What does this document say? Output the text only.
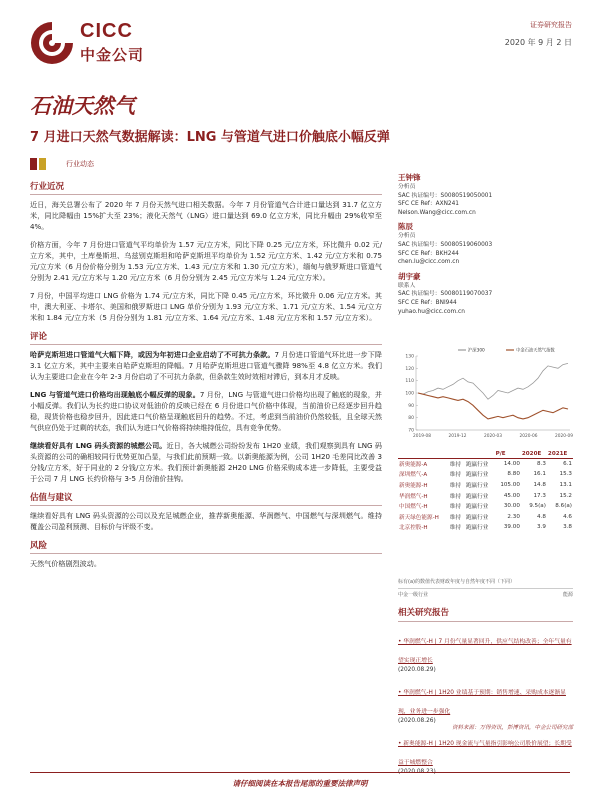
CICC
中金公司
证券研究报告
2020 年 9 月 2 日
石油天然气
7 月进口天然气数据解读：LNG 与管道气进口价触底小幅反弹
行业动态
行业近况

近日，海关总署公布了 2020 年 7 月份天然气进口相关数据。今年 7 月份管道气合计进口量达到 31.7 亿立方米，同比降幅由 15%扩大至 23%；液化天然气（LNG）进口量达到 69.0 亿立方米，同比升幅由 29%收窄至 4%。

价格方面，今年 7 月份进口管道气平均单价为 1.57 元/立方米，同比下降 0.25 元/立方米，环比微升 0.02 元/立方米，其中，土库曼斯坦、乌兹别克斯坦和哈萨克斯坦平均单价为 1.52 元/立方米、1.42 元/立方米和 0.75 元/立方米（6 月份价格分别为 1.53 元/立方米、1.43 元/立方米和 1.30 元/立方米），缅甸与俄罗斯进口管道气分别为 2.41 元/立方米与 1.20 元/立方米（6 月份分别为 2.45 元/立方米与 1.24 元/立方米）。

7 月份，中国平均进口 LNG 价格为 1.74 元/立方米，同比下降 0.45 元/立方米，环比微升 0.06 元/立方米。其中，澳大利亚、卡塔尔、美国和俄罗斯进口 LNG 单价分别为 1.93 元/立方米、1.71 元/立方米、1.54 元/立方米和 1.84 元/立方米（5 月份分别为 1.81 元/立方米、1.64 元/立方米、1.48 元/立方米和 1.57 元/立方米）。

评论

哈萨克斯坦进口管道气大幅下降，或因为年初进口企业启动了不可抗力条款。7 月份进口管道气环比进一步下降 3.1 亿立方米，其中主要来自哈萨克斯坦的降幅。7 月哈萨克斯坦进口管道气骤降 98%至 4.8 亿立方米。我们认为主要进口企业在今年 2-3 月份启动了不可抗力条款，但条款生效时效相对滞后，到本月才反映。

LNG 与管道气进口价格均出现触底小幅反弹的现象。7 月份，LNG 与管道气进口价格均出现了触底的现象，并小幅反弹。我们认为长约进口协议对低油价的反映已经在 6 月份进口气价格中体现，当前油价已经逐步回升趋稳，现货价格也稳步回升，因此进口气价格呈现触底回升的趋势。不过，考虑到当前油价仍然较低，且全球天然气供应仍处于过剩的状态，我们认为进口气价格将持续维持低位，具有竞争优势。

继续看好具有 LNG 码头资源的城燃公司。近日，各大城燃公司纷纷发布 1H20 业绩，我们观察到具有 LNG 码头资源的公司的确相较同行优势更加凸显，与我们此前预期一致。以新奥能源为例，公司 1H20 毛差同比改善 3 分钱/立方米，好于同业的 2 分钱/立方米。我们预计新奥能源 2H20 LNG 价格采购成本进一步降低，主要受益于公司 7 月 LNG 长约价格与 3-5 月份油价挂钩。

估值与建议

继续看好具有 LNG 码头资源的公司以及充足城燃企业，推荐新奥能源、华润燃气、中国燃气与深圳燃气。维持覆盖公司盈利预测、目标价与评级不变。

风险

天然气价格剧烈波动。

王钟锋
分析员
SAC 执证编号：S0080519050001
SFC CE Ref：AXN241
Nelson.Wang@cicc.com.cn
陈辰
分析员
SAC 执证编号：S0080519060003
SFC CE Ref：BKH244
chen.lu@cicc.com.cn
胡宇豪
联系人
SAC 执证编号：S0080119070037
SFC CE Ref：BNI944
yuhao.hu@cicc.com.cn
70
80
90
100
110
120
130
2019-08	2019-12	2020-03	2020-06	2020-09
沪深300	中金石油天然气指数
			P/E	2020E	2021E
新奥能源-A	维持	跑赢行业	14.00	8.3	6.1
深圳燃气-A	维持	跑赢行业	8.80	16.1	15.3
新奥能源-H	维持	跑赢行业	105.00	14.8	13.1
华润燃气-H	维持	跑赢行业	45.00	17.3	15.2
中国燃气-H	维持	跑赢行业	30.00	9.5(a)	8.6(a)
新天绿色能源-H	维持	跑赢行业	2.30	4.8	4.6
北京控股-H	维持	跑赢行业	39.00	3.9	3.8
标有(a)的数值代表财政年度与自然年度不同（下同）
中金一级行业	能源
相关研究报告
• 华润燃气-H | 7 月份气量显著回升，供应气结构改善；全年气量有望实现正增长
(2020.08.29)
• 华润燃气-H | 1H20 业绩基于预期：销售增速、采购成本逐渐显现，业务进一步强化
(2020.08.26)
• 新奥能源-H | 1H20 现金流与气量指引影响公司股价展望；长期受益于城燃整合
资料来源：万得资讯，彭博资讯，中金公司研究部
请仔细阅读在本报告尾部的重要法律声明
